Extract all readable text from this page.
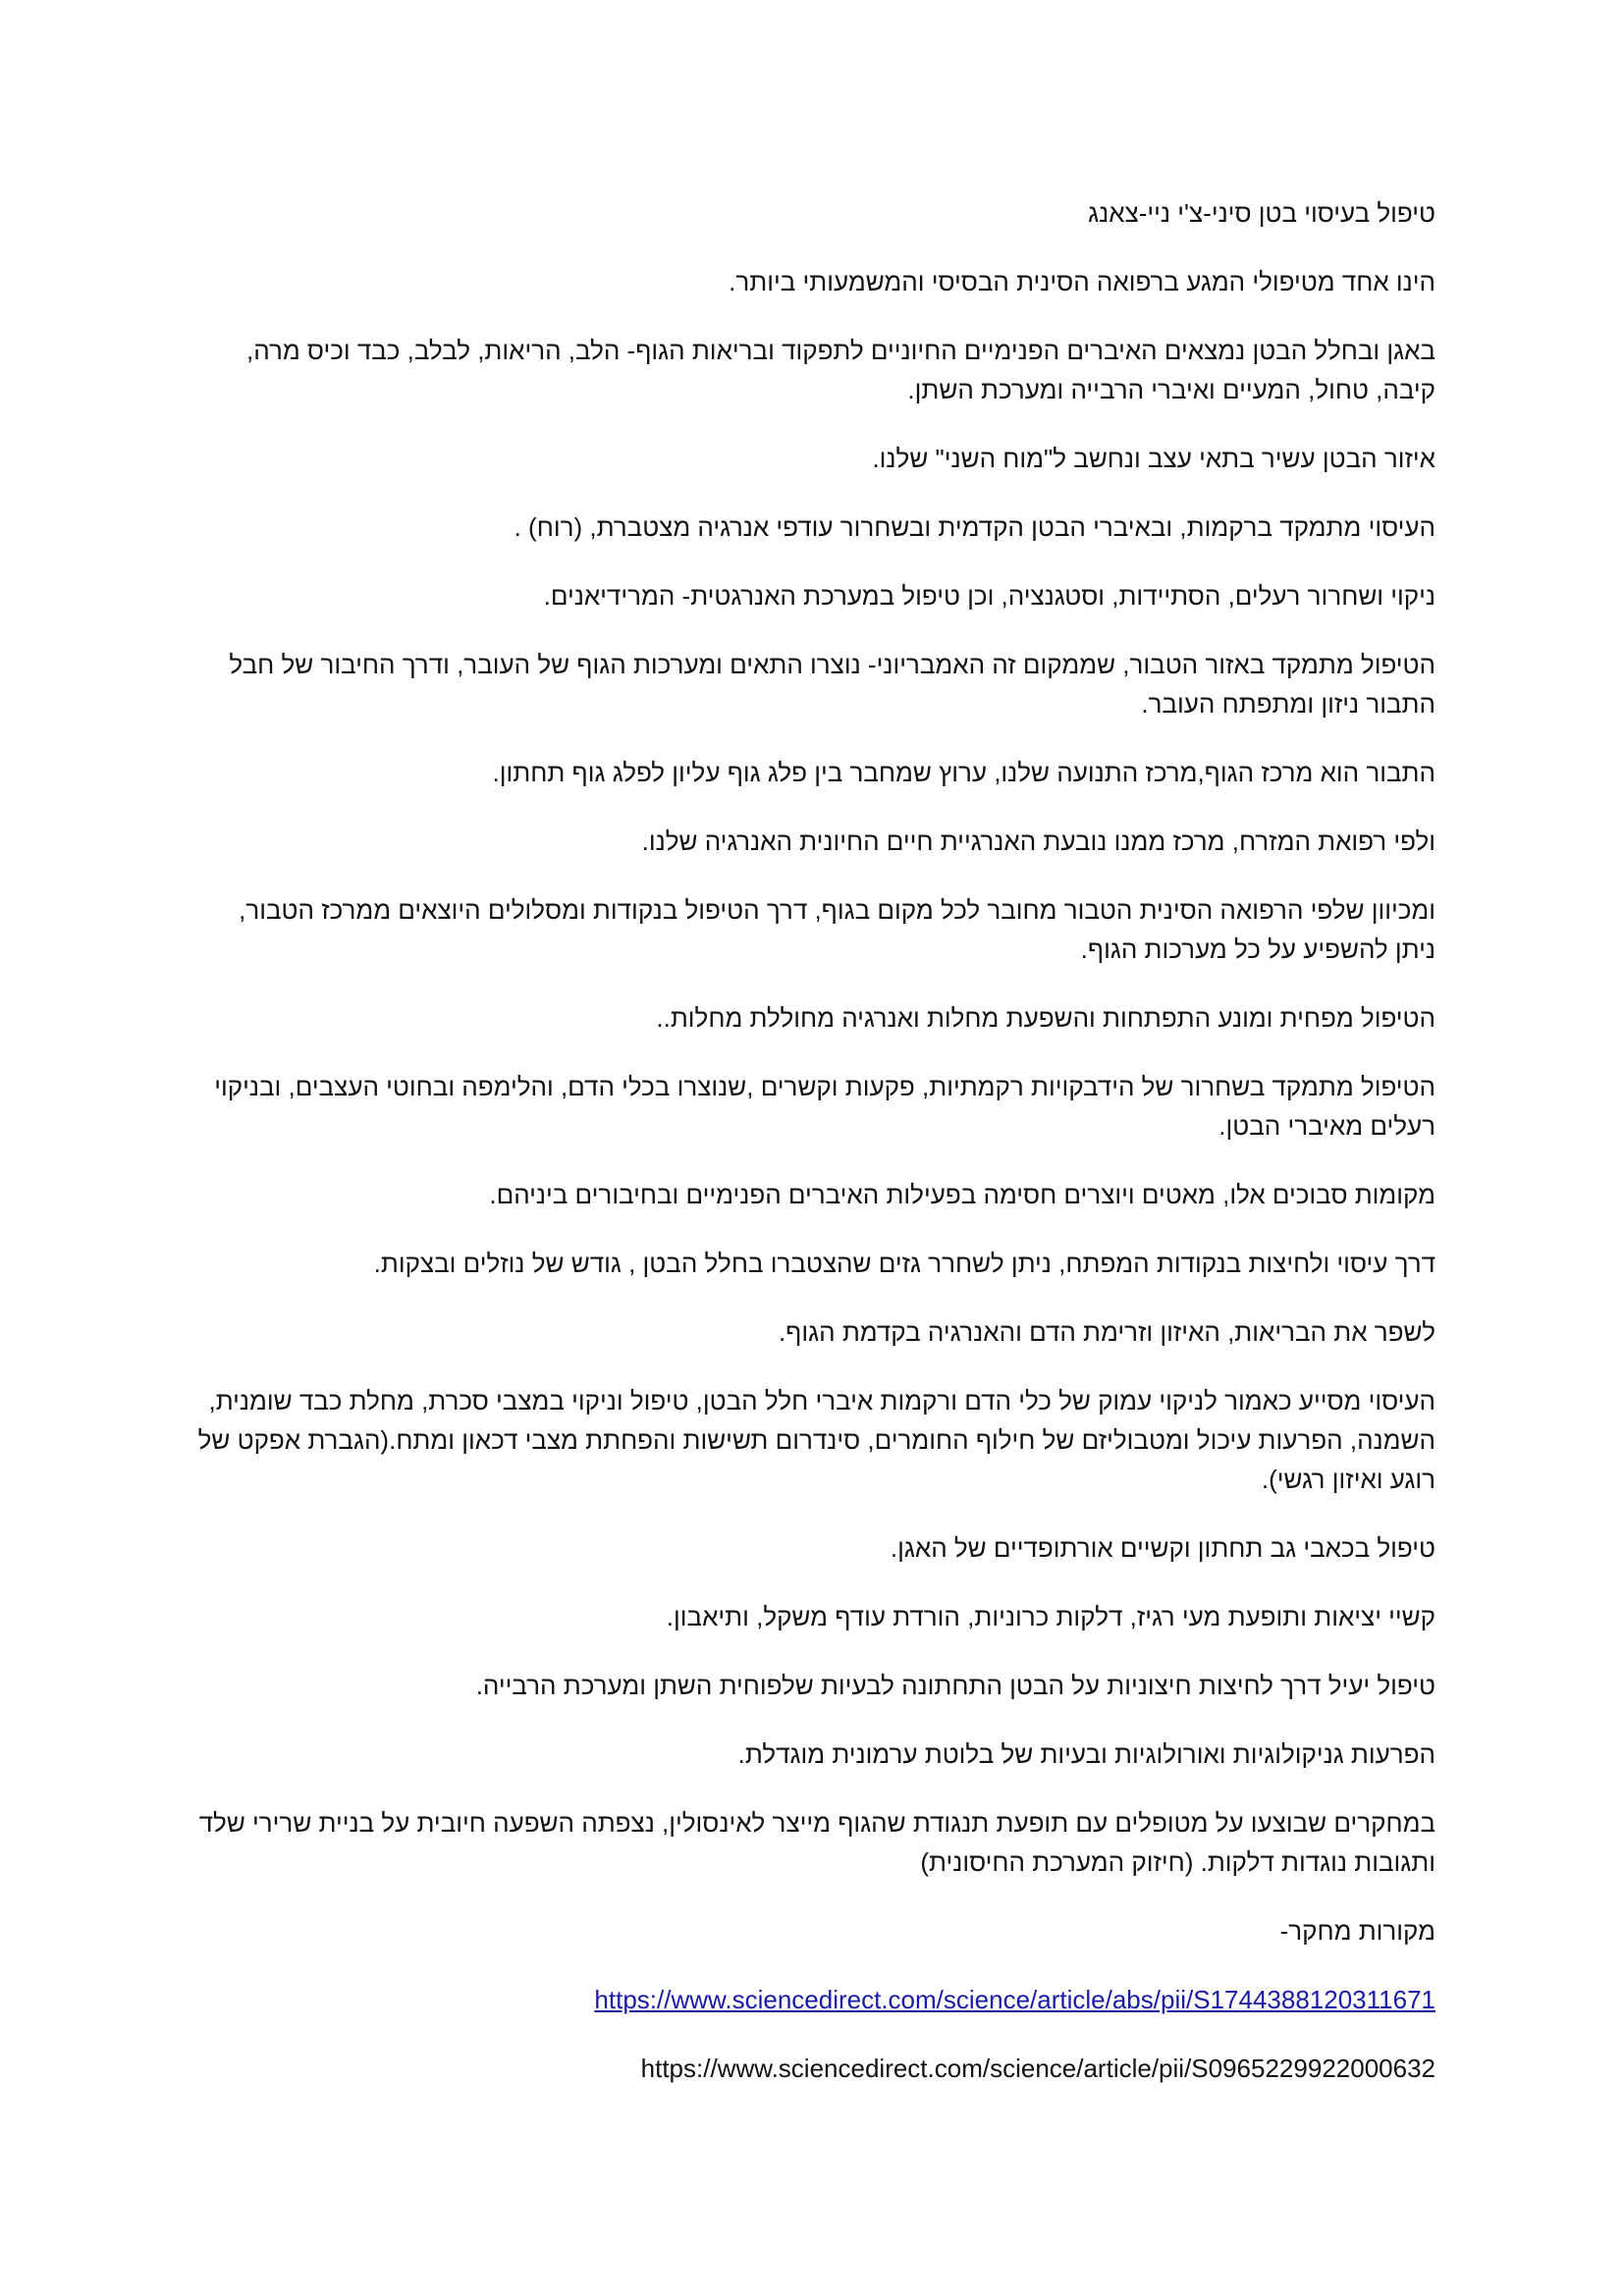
טיפול בעיסוי בטן סיני-צ'י ניי-צאנג

הינו אחד מטיפולי המגע ברפואה הסינית הבסיסי והמשמעותי ביותר.

באגן ובחלל הבטן נמצאים האיברים הפנימיים החיוניים לתפקוד ובריאות הגוף- הלב, הריאות, לבלב, כבד וכיס מרה, קיבה, טחול, המעיים ואיברי הרבייה ומערכת השתן.

איזור הבטן עשיר בתאי עצב ונחשב ל"מוח השני" שלנו.

העיסוי מתמקד ברקמות, ובאיברי הבטן הקדמית ובשחרור עודפי אנרגיה מצטברת, (רוח) .

ניקוי ושחרור רעלים, הסתיידות, וסטגנציה, וכן טיפול במערכת האנרגטית- המרידיאנים.

הטיפול מתמקד באזור הטבור, שממקום זה האמבריוני- נוצרו התאים ומערכות הגוף של העובר, ודרך החיבור של חבל התבור ניזון ומתפתח העובר.

התבור הוא מרכז הגוף,מרכז התנועה שלנו, ערוץ שמחבר בין פלג גוף עליון לפלג גוף תחתון.

ולפי רפואת המזרח, מרכז ממנו נובעת האנרגיית חיים החיונית האנרגיה שלנו.

ומכיוון שלפי הרפואה הסינית הטבור מחובר לכל מקום בגוף, דרך הטיפול בנקודות ומסלולים היוצאים ממרכז הטבור, ניתן להשפיע על כל מערכות הגוף.

הטיפול מפחית ומונע התפתחות והשפעת מחלות ואנרגיה מחוללת מחלות..

הטיפול מתמקד בשחרור של הידבקויות רקמתיות, פקעות וקשרים ,שנוצרו בכלי הדם, והלימפה ובחוטי העצבים, ובניקוי רעלים מאיברי הבטן.

מקומות סבוכים אלו, מאטים ויוצרים חסימה בפעילות האיברים הפנימיים ובחיבורים ביניהם.

דרך עיסוי ולחיצות בנקודות המפתח, ניתן לשחרר גזים שהצטברו בחלל הבטן , גודש של נוזלים ובצקות.

לשפר את הבריאות, האיזון וזרימת הדם והאנרגיה בקדמת הגוף.

העיסוי מסייע כאמור לניקוי עמוק של כלי הדם ורקמות איברי חלל הבטן, טיפול וניקוי במצבי סכרת, מחלת כבד שומנית, השמנה, הפרעות עיכול ומטבוליזם של חילוף החומרים, סינדרום תשישות והפחתת מצבי דכאון ומתח.(הגברת אפקט של רוגע ואיזון רגשי).

טיפול בכאבי גב תחתון וקשיים אורתופדיים של האגן.

קשיי יציאות ותופעת מעי רגיז, דלקות כרוניות, הורדת עודף משקל, ותיאבון.

טיפול יעיל דרך לחיצות חיצוניות על הבטן התחתונה לבעיות שלפוחית השתן ומערכת הרבייה.

הפרעות גניקולוגיות ואורולוגיות ובעיות של בלוטת ערמונית מוגדלת.

במחקרים שבוצעו על מטופלים עם תופעת תנגודת שהגוף מייצר לאינסולין, נצפתה השפעה חיובית על בניית שרירי שלד ותגובות נוגדות דלקות. (חיזוק המערכת החיסונית)

מקורות מחקר-

https://www.sciencedirect.com/science/article/abs/pii/S1744388120311671

https://www.sciencedirect.com/science/article/pii/S0965229922000632
